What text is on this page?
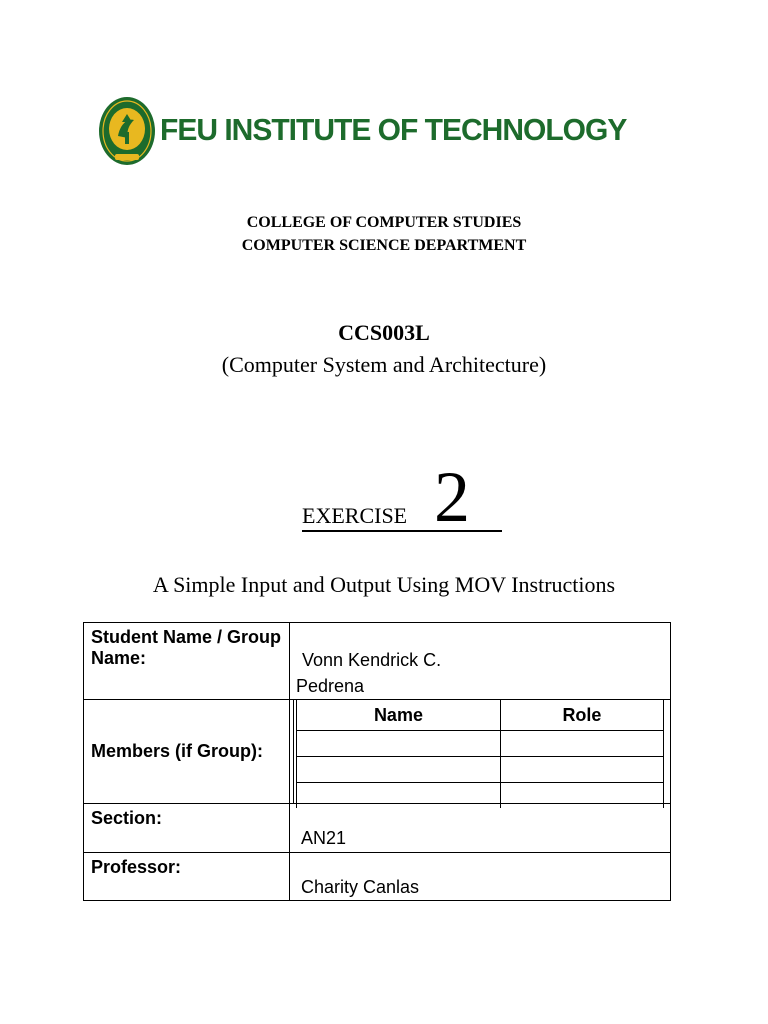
FEU INSTITUTE OF TECHNOLOGY
COLLEGE OF COMPUTER STUDIES
COMPUTER SCIENCE DEPARTMENT
CCS003L
(Computer System and Architecture)
EXERCISE 2
A Simple Input and Output Using MOV Instructions
Student Name / Group Name:	Vonn Kendrick C.
Pedrena

Members (if Group):	
Name	Role

Section:	AN21
Professor:	Charity Canlas
